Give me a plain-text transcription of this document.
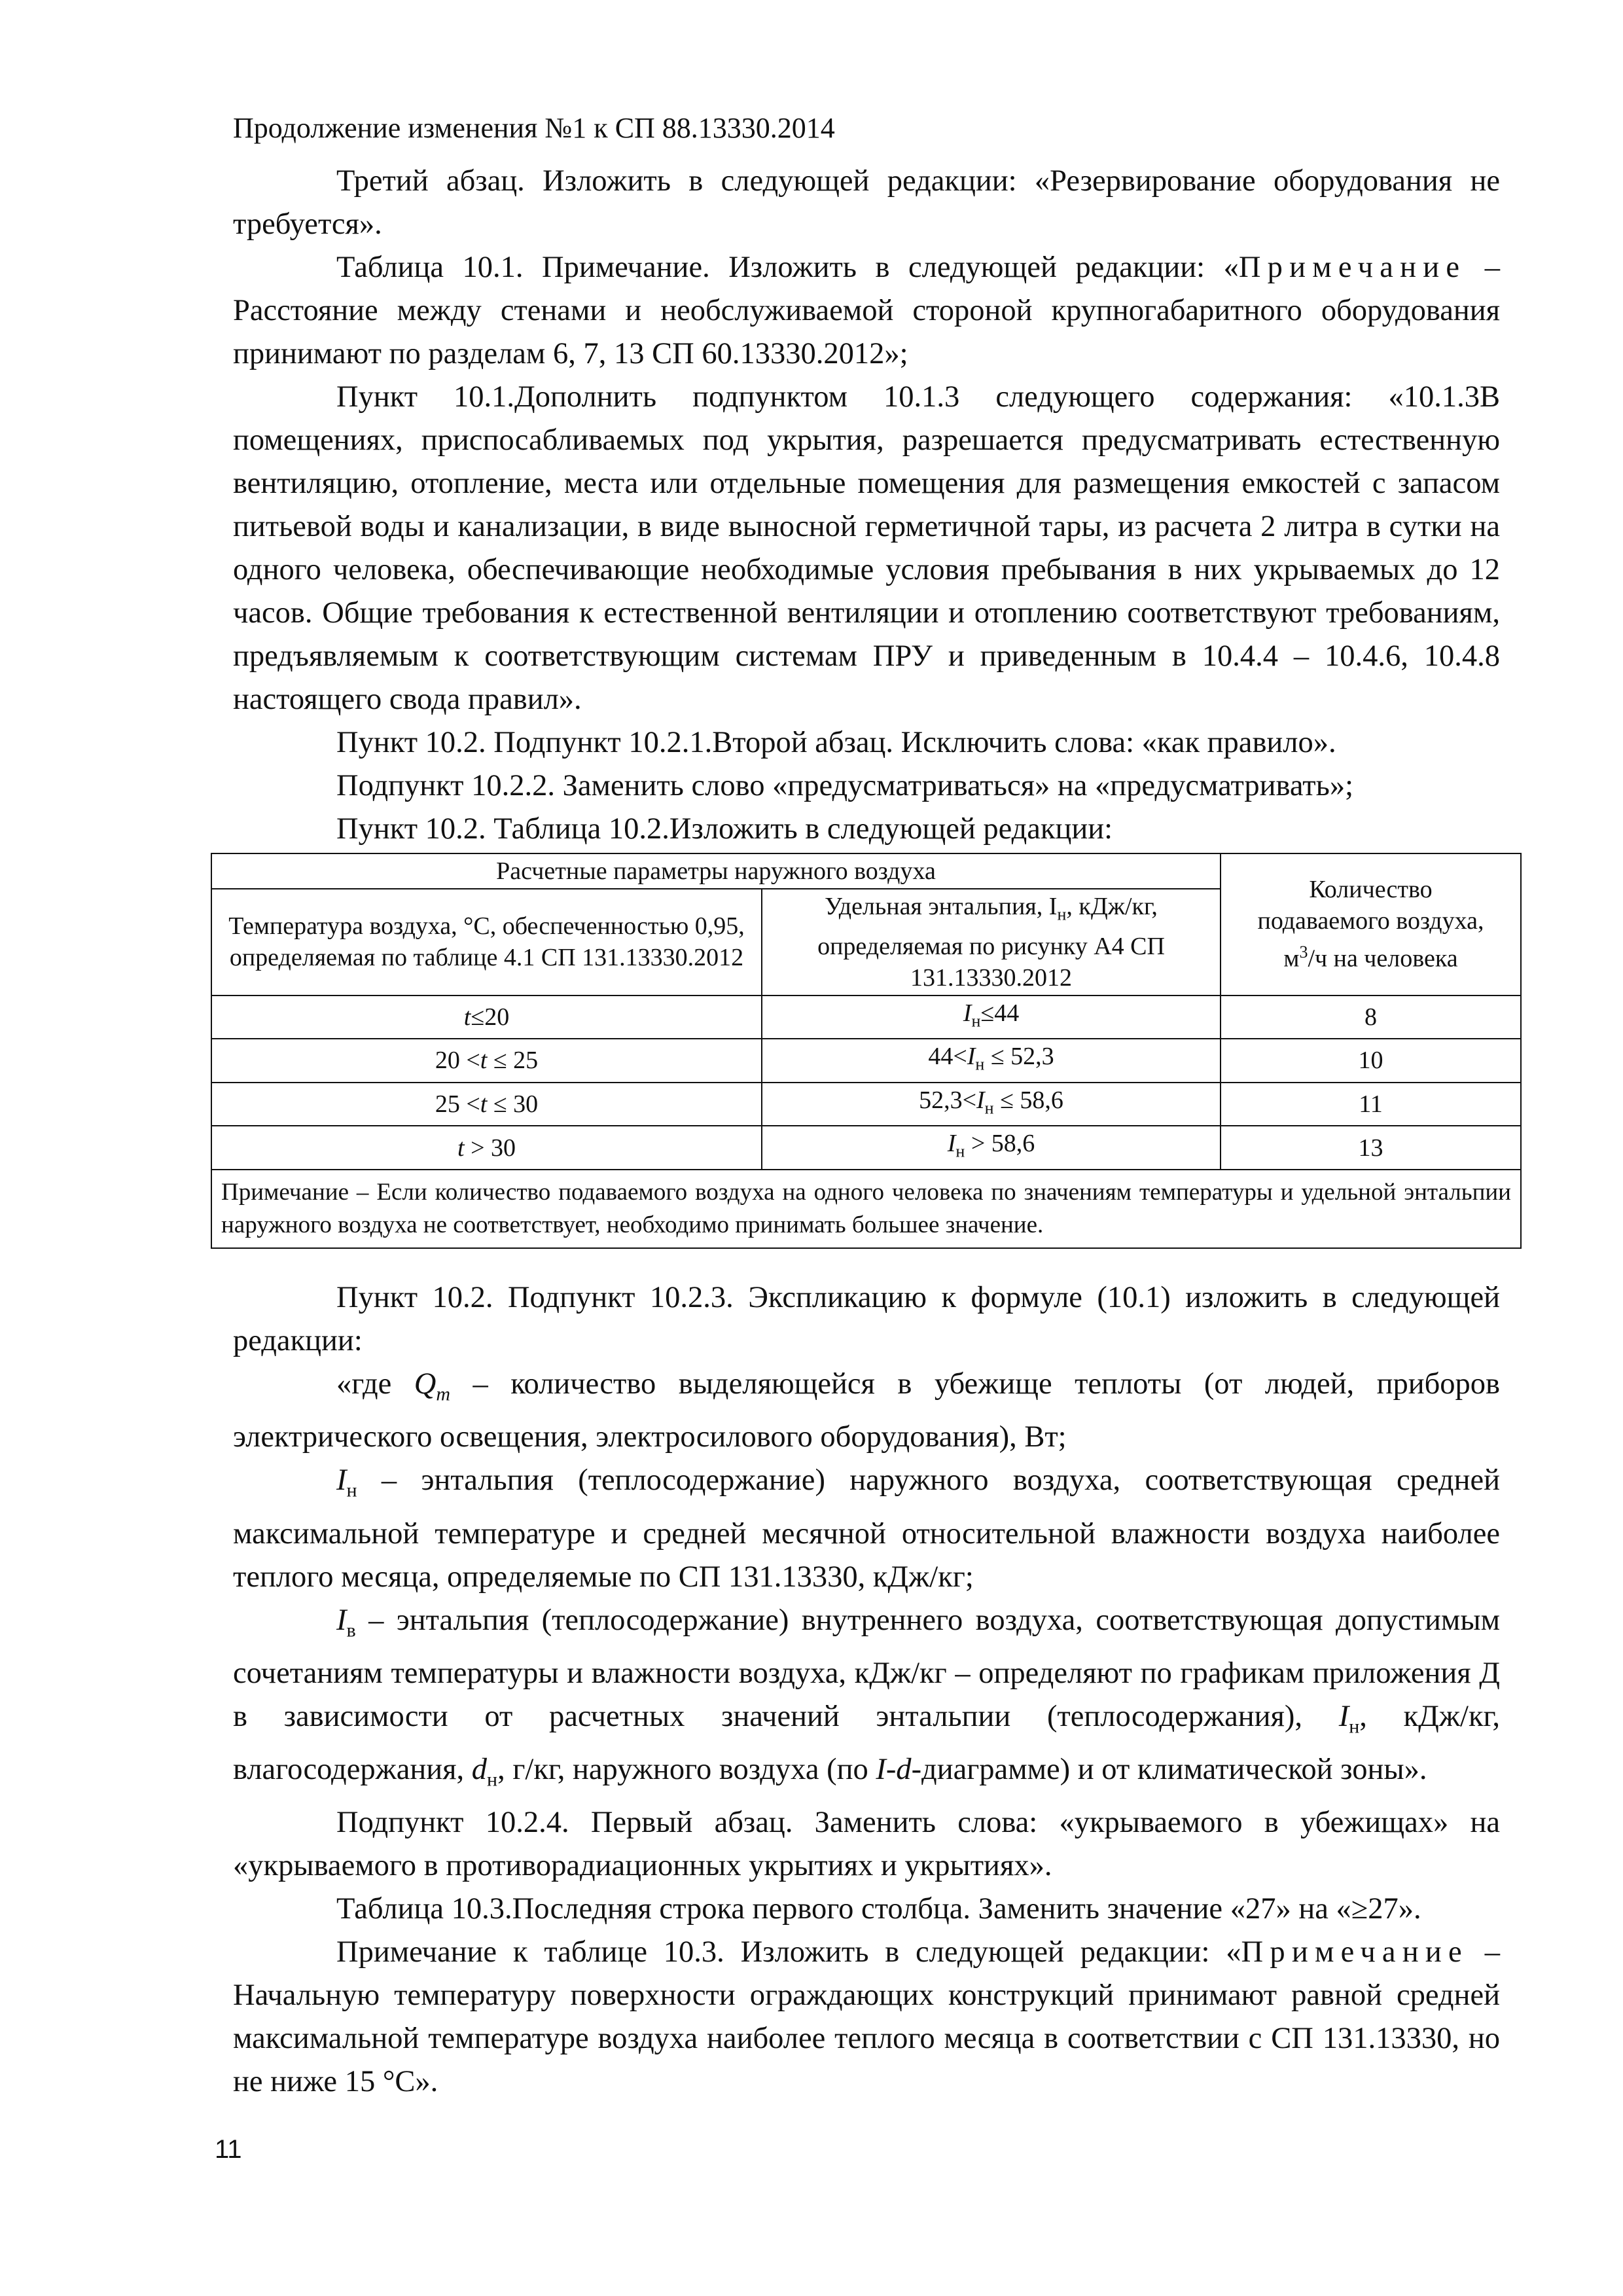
Продолжение изменения №1 к СП 88.13330.2014

Третий абзац. Изложить в следующей редакции: «Резервирование оборудования не требуется».

Таблица 10.1. Примечание. Изложить в следующей редакции: «Примечание – Расстояние между стенами и необслуживаемой стороной крупногабаритного оборудования принимают по разделам 6, 7, 13 СП 60.13330.2012»;

Пункт 10.1.Дополнить подпунктом 10.1.3 следующего содержания: «10.1.3В помещениях, приспосабливаемых под укрытия, разрешается предусматривать естественную вентиляцию, отопление, места или отдельные помещения для размещения емкостей с запасом питьевой воды и канализации, в виде выносной герметичной тары, из расчета 2 литра в сутки на одного человека, обеспечивающие необходимые условия пребывания в них укрываемых до 12 часов. Общие требования к естественной вентиляции и отоплению соответствуют требованиям, предъявляемым к соответствующим системам ПРУ и приведенным в 10.4.4 – 10.4.6, 10.4.8 настоящего свода правил».

Пункт 10.2. Подпункт 10.2.1.Второй абзац. Исключить слова: «как правило».

Подпункт 10.2.2. Заменить слово «предусматриваться» на «предусматривать»;

Пункт 10.2. Таблица 10.2.Изложить в следующей редакции:

Расчетные параметры наружного воздуха		Количество
подаваемого воздуха,
$м^3/ч$ на человека
Температура воздуха, °С, обеспеченностью 0,95, определяемая по таблице 4.1 СП 131.13330.2012	Удельная энтальпия, $I_н$, кДж/кг, определяемая по рисунку А4 СП 131.13330.2012	
t≤20	$I_н\le 44$	8
20 <t ≤ 25	$44<I_н \le 52,3$	10
25 <t ≤ 30	$52,3<I_н \le 58,6$	11
t > 30	$I_н > 58,6$	13
Примечание – Если количество подаваемого воздуха на одного человека по значениям температуры и удельной энтальпии наружного воздуха не соответствует, необходимо принимать большее значение.		

Пункт 10.2. Подпункт 10.2.3. Экспликацию к формуле (10.1) изложить в следующей редакции:

«где $Q_m$ – количество выделяющейся в убежище теплоты (от людей, приборов электрического освещения, электросилового оборудования), Вт;

$I_н$ – энтальпия (теплосодержание) наружного воздуха, соответствующая средней максимальной температуре и средней месячной относительной влажности воздуха наиболее теплого месяца, определяемые по СП 131.13330, кДж/кг;

$I_в$ – энтальпия (теплосодержание) внутреннего воздуха, соответствующая допустимым сочетаниям температуры и влажности воздуха, кДж/кг – определяют по графикам приложения Д в зависимости от расчетных значений энтальпии (теплосодержания), $I_н$, кДж/кг, влагосодержания, $d_н$, г/кг, наружного воздуха (по I-d-диаграмме) и от климатической зоны».

Подпункт 10.2.4. Первый абзац. Заменить слова: «укрываемого в убежищах» на «укрываемого в противорадиационных укрытиях и укрытиях».

Таблица 10.3.Последняя строка первого столбца. Заменить значение «27» на «≥27».

Примечание к таблице 10.3. Изложить в следующей редакции: «Примечание – Начальную температуру поверхности ограждающих конструкций принимают равной средней максимальной температуре воздуха наиболее теплого месяца в соответствии с СП 131.13330, но не ниже 15 °С».

11
